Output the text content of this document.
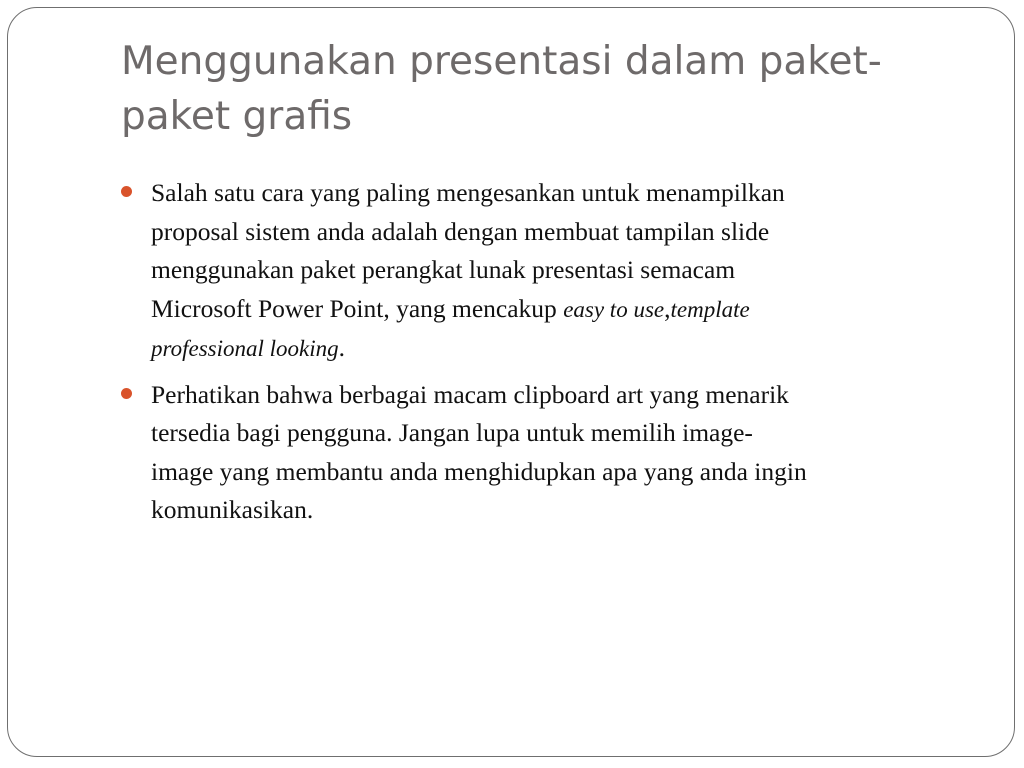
Menggunakan presentasi dalam paket-
paket grafis
Salah satu cara yang paling mengesankan untuk menampilkan
proposal sistem anda adalah dengan membuat tampilan slide
menggunakan paket perangkat lunak presentasi semacam
Microsoft Power Point, yang mencakup easy to use,template
professional looking.
Perhatikan bahwa berbagai macam clipboard art yang menarik
tersedia bagi pengguna. Jangan lupa untuk memilih image-
image yang membantu anda menghidupkan apa yang anda ingin
komunikasikan.
